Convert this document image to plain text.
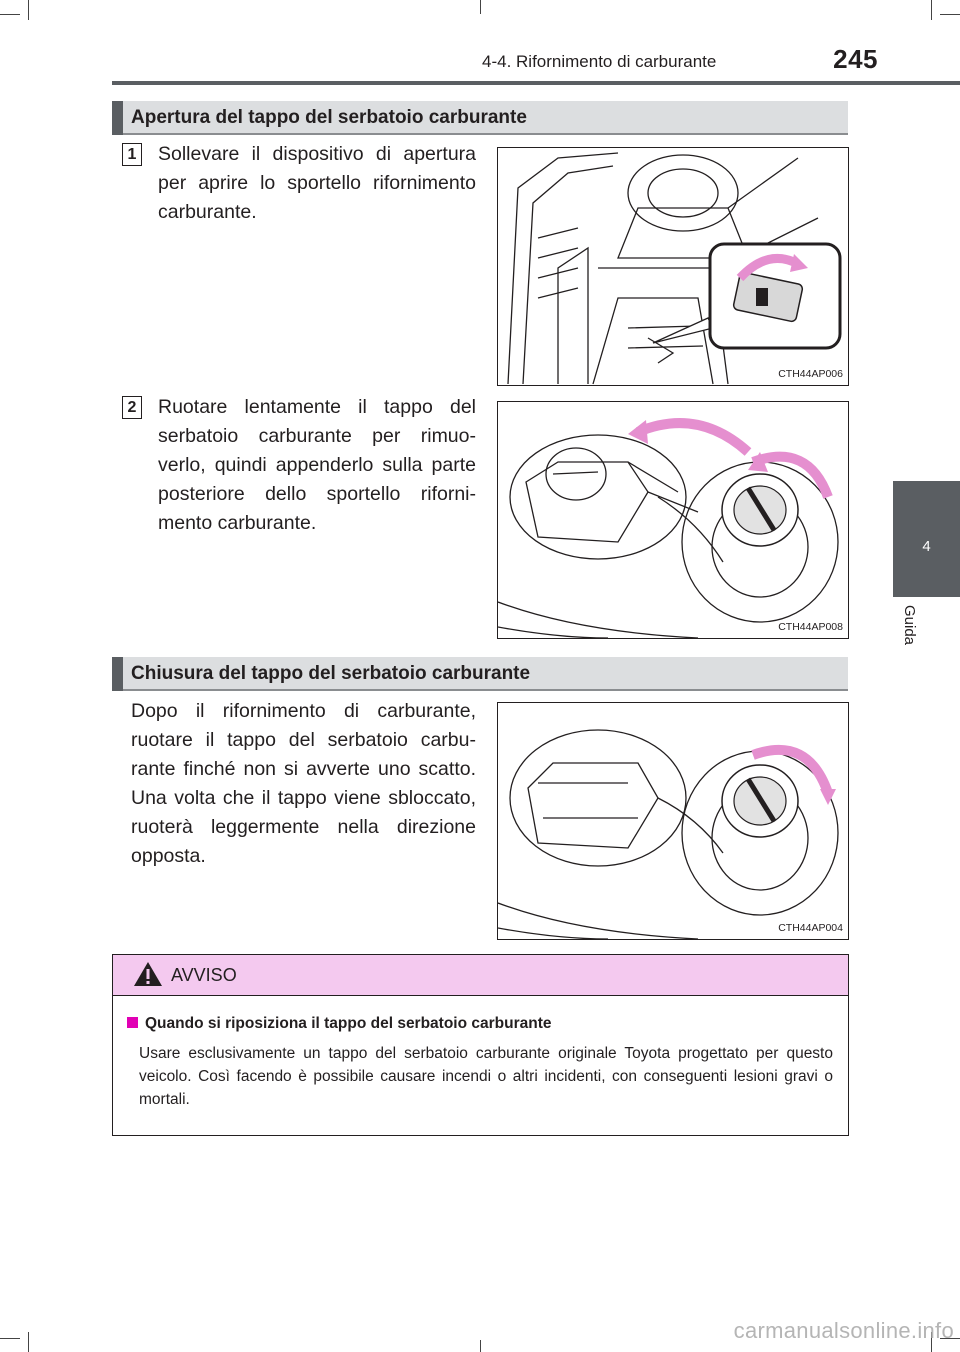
4-4. Rifornimento di carburante	245
4
Guida
Apertura del tappo del serbatoio carburante
1 Sollevare il dispositivo di apertura per aprire lo sportello rifornimento carburante.
CTH44AP006
2 Ruotare lentamente il tappo del serbatoio carburante per rimuo-verlo, quindi appenderlo sulla parte posteriore dello sportello riforni-mento carburante.
CTH44AP008
Chiusura del tappo del serbatoio carburante
Dopo il rifornimento di carburante, ruotare il tappo del serbatoio carbu-rante finché non si avverte uno scatto. Una volta che il tappo viene sbloccato, ruoterà leggermente nella direzione opposta.
CTH44AP004
AVVISO
Quando si riposiziona il tappo del serbatoio carburante
Usare esclusivamente un tappo del serbatoio carburante originale Toyota progettato per questo veicolo. Così facendo è possibile causare incendi o altri incidenti, con conseguenti lesioni gravi o mortali.
carmanualsonline.info
